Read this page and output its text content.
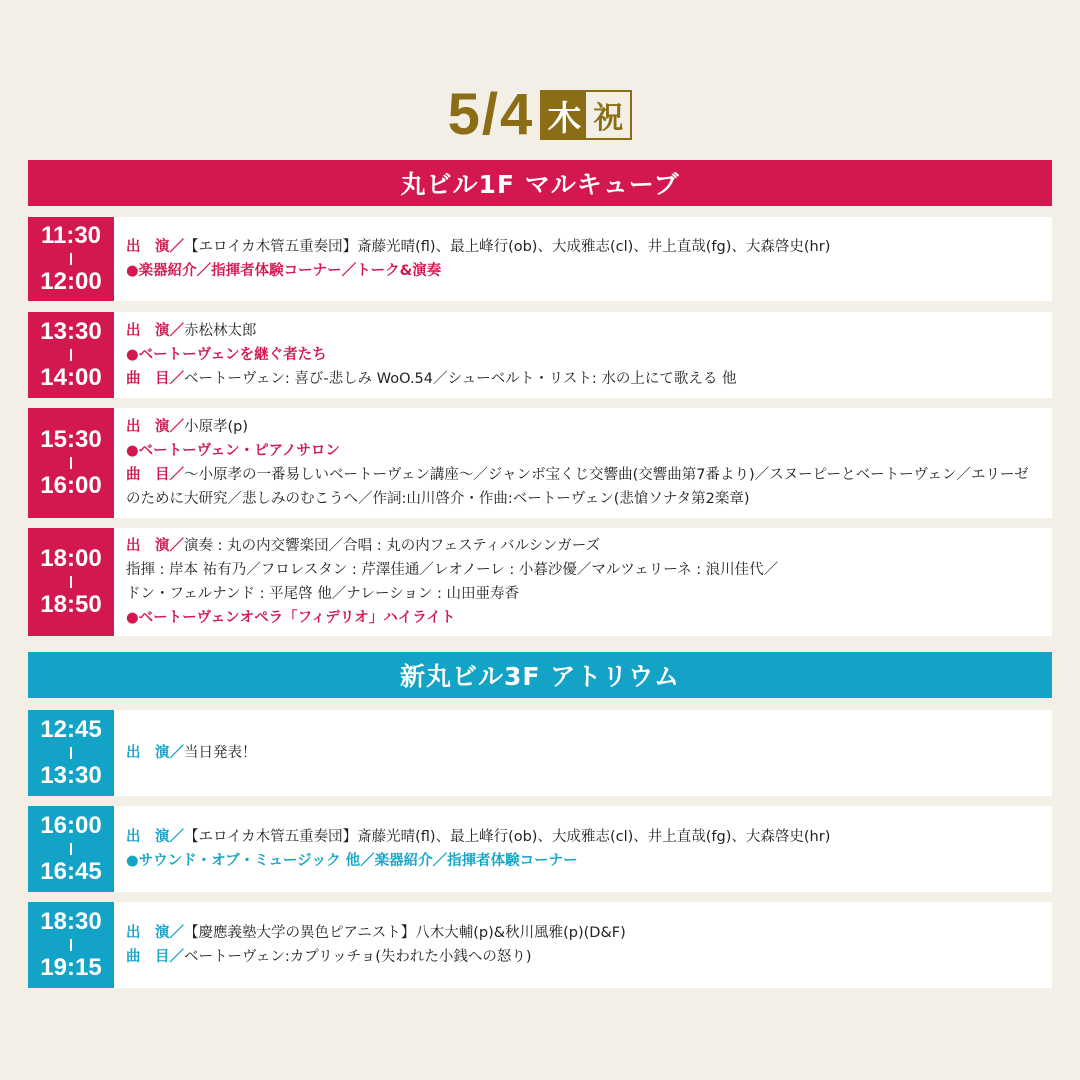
5/4 木 祝
丸ビル1F マルキューブ
11:30
12:00
出　演／【エロイカ木管五重奏団】斎藤光晴(fl)、最上峰行(ob)、大成雅志(cl)、井上直哉(fg)、大森啓史(hr)
●楽器紹介／指揮者体験コーナー／トーク&演奏
13:30
14:00
出　演／赤松林太郎
●ベートーヴェンを継ぐ者たち
曲　目／ベートーヴェン: 喜び-悲しみ WoO.54／シューベルト・リスト: 水の上にて歌える 他
15:30
16:00
出　演／小原孝(p)
●ベートーヴェン・ピアノサロン
曲　目／～小原孝の一番易しいベートーヴェン講座～／ジャンボ宝くじ交響曲(交響曲第7番より)／スヌーピーとベートーヴェン／エリーゼのために大研究／悲しみのむこうへ／作詞:山川啓介・作曲:ベートーヴェン(悲愴ソナタ第2楽章)
18:00
18:50
出　演／演奏 : 丸の内交響楽団／合唱 : 丸の内フェスティバルシンガーズ
指揮 : 岸本 祐有乃／フロレスタン : 芹澤佳通／レオノーレ : 小暮沙優／マルツェリーネ : 浪川佳代／
ドン・フェルナンド : 平尾啓 他／ナレーション : 山田亜寿香
●ベートーヴェンオペラ「フィデリオ」ハイライト
新丸ビル3F アトリウム
12:45
13:30
出　演／当日発表！
16:00
16:45
出　演／【エロイカ木管五重奏団】斎藤光晴(fl)、最上峰行(ob)、大成雅志(cl)、井上直哉(fg)、大森啓史(hr)
●サウンド・オブ・ミュージック 他／楽器紹介／指揮者体験コーナー
18:30
19:15
出　演／【慶應義塾大学の異色ピアニスト】八木大輔(p)&秋川風雅(p)(D&F)
曲　目／ベートーヴェン:カプリッチョ(失われた小銭への怒り)
